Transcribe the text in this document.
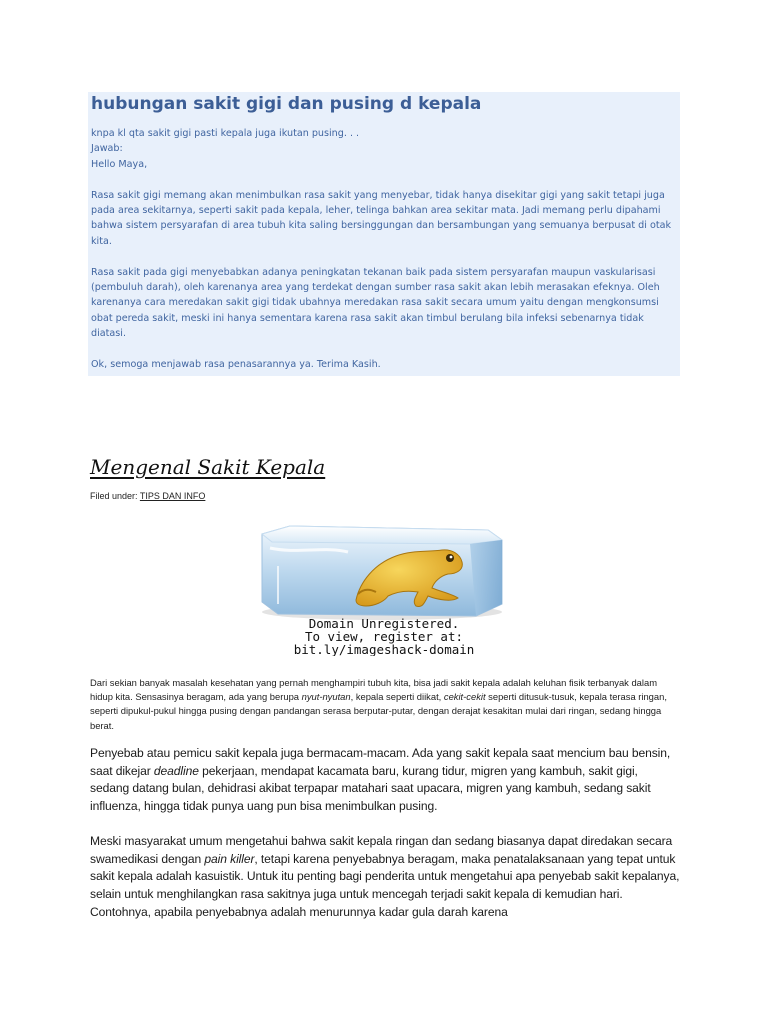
hubungan sakit gigi dan pusing d kepala

knpa kl qta sakit gigi pasti kepala juga ikutan pusing. . .

Jawab:

Hello Maya,

Rasa sakit gigi memang akan menimbulkan rasa sakit yang menyebar, tidak hanya disekitar gigi yang sakit tetapi juga pada area sekitarnya, seperti sakit pada kepala, leher, telinga bahkan area sekitar mata. Jadi memang perlu dipahami bahwa sistem persyarafan di area tubuh kita saling bersinggungan dan bersambungan yang semuanya berpusat di otak kita.

Rasa sakit pada gigi menyebabkan adanya peningkatan tekanan baik pada sistem persyarafan maupun vaskularisasi (pembuluh darah), oleh karenanya area yang terdekat dengan sumber rasa sakit akan lebih merasakan efeknya. Oleh karenanya cara meredakan sakit gigi tidak ubahnya meredakan rasa sakit secara umum yaitu dengan mengkonsumsi obat pereda sakit, meski ini hanya sementara karena rasa sakit akan timbul berulang bila infeksi sebenarnya tidak diatasi.

Ok, semoga menjawab rasa penasarannya ya. Terima Kasih.

Mengenal Sakit Kepala
Filed under: TIPS DAN INFO
Domain Unregistered.
To view, register at:
bit.ly/imageshack-domain

Dari sekian banyak masalah kesehatan yang pernah menghampiri tubuh kita, bisa jadi sakit kepala adalah keluhan fisik terbanyak dalam hidup kita. Sensasinya beragam, ada yang berupa nyut-nyutan, kepala seperti diikat, cekit-cekit seperti ditusuk-tusuk, kepala terasa ringan, seperti dipukul-pukul hingga pusing dengan pandangan serasa berputar-putar, dengan derajat kesakitan mulai dari ringan, sedang hingga berat.

Penyebab atau pemicu sakit kepala juga bermacam-macam. Ada yang sakit kepala saat mencium bau bensin, saat dikejar deadline pekerjaan, mendapat kacamata baru, kurang tidur, migren yang kambuh, sakit gigi, sedang datang bulan, dehidrasi akibat terpapar matahari saat upacara, migren yang kambuh, sedang sakit influenza, hingga tidak punya uang pun bisa menimbulkan pusing.

Meski masyarakat umum mengetahui bahwa sakit kepala ringan dan sedang biasanya dapat diredakan secara swamedikasi dengan pain killer, tetapi karena penyebabnya beragam, maka penatalaksanaan yang tepat untuk sakit kepala adalah kasuistik. Untuk itu penting bagi penderita untuk mengetahui apa penyebab sakit kepalanya, selain untuk menghilangkan rasa sakitnya juga untuk mencegah terjadi sakit kepala di kemudian hari. Contohnya, apabila penyebabnya adalah menurunnya kadar gula darah karena
